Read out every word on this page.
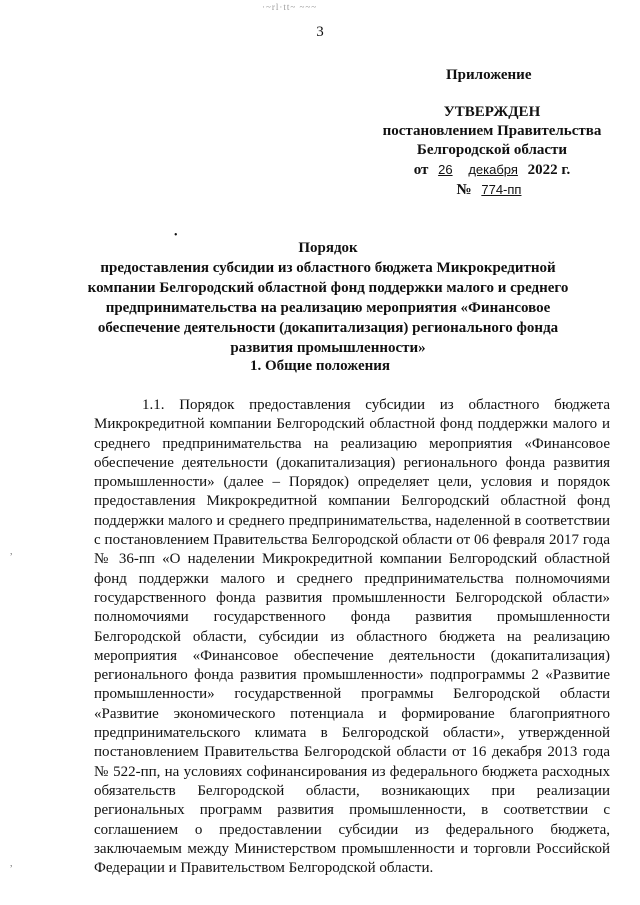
·~rl·tt~ ~~~
3
Приложение
УТВЕРЖДЕН
постановлением Правительства
Белгородской области
от 26 декабря 2022 г.
№ 774-пп
•
Порядок
предоставления субсидии из областного бюджета Микрокредитной
компании Белгородский областной фонд поддержки малого и среднего
предпринимательства на реализацию мероприятия «Финансовое
обеспечение деятельности (докапитализация) регионального фонда
развития промышленности»
1. Общие положения

1.1. Порядок предоставления субсидии из областного бюджета Микрокредитной компании Белгородский областной фонд поддержки малого и среднего предпринимательства на реализацию мероприятия «Финансовое обеспечение деятельности (докапитализация) регионального фонда развития промышленности» (далее – Порядок) определяет цели, условия и порядок предоставления Микрокредитной компании Белгородский областной фонд поддержки малого и среднего предпринимательства, наделенной в соответствии с постановлением Правительства Белгородской области от 06 февраля 2017 года № 36-пп «О наделении Микрокредитной компании Белгородский областной фонд поддержки малого и среднего предпринимательства полномочиями государственного фонда развития промышленности Белгородской области» полномочиями государственного фонда развития промышленности Белгородской области, субсидии из областного бюджета на реализацию мероприятия «Финансовое обеспечение деятельности (докапитализация) регионального фонда развития промышленности» подпрограммы 2 «Развитие промышленности» государственной программы Белгородской области «Развитие экономического потенциала и формирование благоприятного предпринимательского климата в Белгородской области», утвержденной постановлением Правительства Белгородской области от 16 декабря 2013 года № 522-пп, на условиях софинансирования из федерального бюджета расходных обязательств Белгородской области, возникающих при реализации региональных программ развития промышленности, в соответствии с соглашением о предоставлении субсидии из федерального бюджета, заключаемым между Министерством промышленности и торговли Российской Федерации и Правительством Белгородской области.

,
,
